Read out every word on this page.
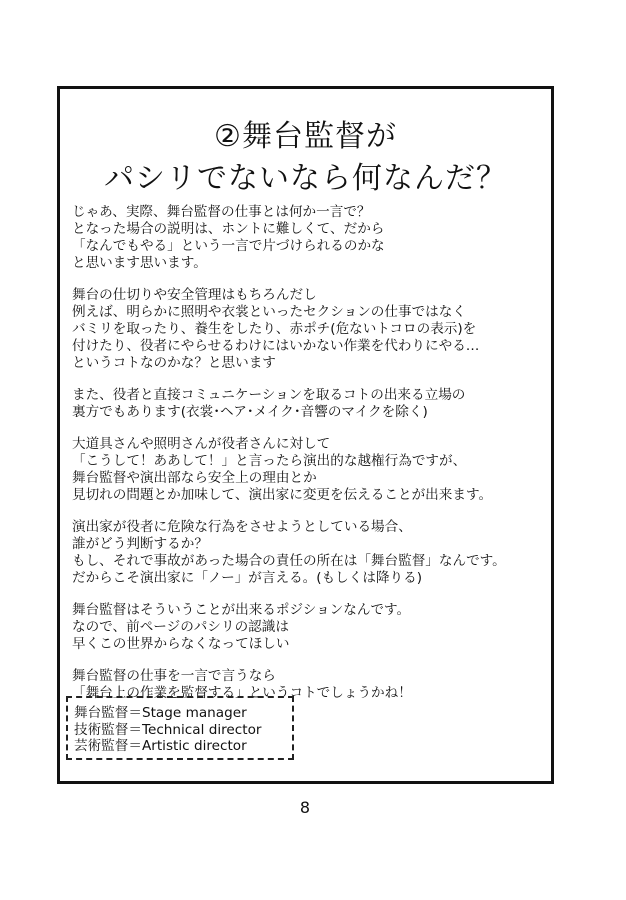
②舞台監督が
パシリでないなら何なんだ？
じゃあ、実際、舞台監督の仕事とは何か一言で？
となった場合の説明は、ホントに難しくて、だから
「なんでもやる」という一言で片づけられるのかな
と思います思います。
舞台の仕切りや安全管理はもちろんだし
例えば、明らかに照明や衣裳といったセクションの仕事ではなく
バミリを取ったり、養生をしたり、赤ポチ(危ないトコロの表示)を
付けたり、役者にやらせるわけにはいかない作業を代わりにやる…
というコトなのかな？と思います
また、役者と直接コミュニケーションを取るコトの出来る立場の
裏方でもあります(衣裳･ヘア･メイク･音響のマイクを除く)
大道具さんや照明さんが役者さんに対して
「こうして！ああして！」と言ったら演出的な越権行為ですが、
舞台監督や演出部なら安全上の理由とか
見切れの問題とか加味して、演出家に変更を伝えることが出来ます。
演出家が役者に危険な行為をさせようとしている場合、
誰がどう判断するか？
もし、それで事故があった場合の責任の所在は「舞台監督」なんです。
だからこそ演出家に「ノー」が言える。(もしくは降りる)
舞台監督はそういうことが出来るポジションなんです。
なので、前ページのパシリの認識は
早くこの世界からなくなってほしい
舞台監督の仕事を一言で言うなら
「舞台上の作業を監督する」というコトでしょうかね！
舞台監督＝Stage manager
技術監督＝Technical director
芸術監督＝Artistic director
8
